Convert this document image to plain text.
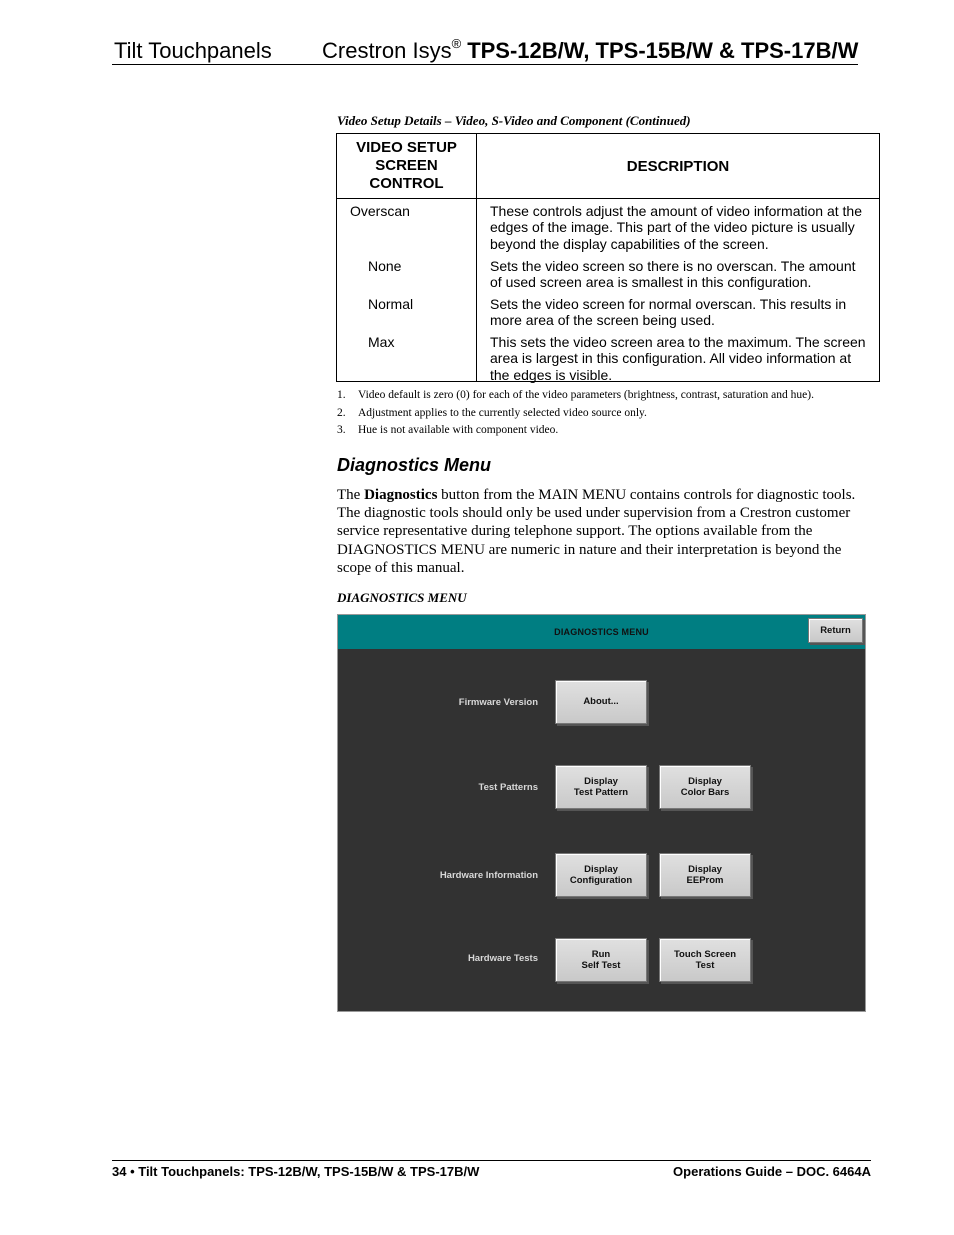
Tilt Touchpanels Crestron Isys® TPS-12B/W, TPS-15B/W & TPS-17B/W
Video Setup Details – Video, S-Video and Component (Continued)
VIDEO SETUP SCREEN CONTROL
DESCRIPTION
Overscan	These controls adjust the amount of video information at the edges of the image. This part of the video picture is usually beyond the display capabilities of the screen.
None	Sets the video screen so there is no overscan. The amount of used screen area is smallest in this configuration.
Normal	Sets the video screen for normal overscan. This results in more area of the screen being used.
Max	This sets the video screen area to the maximum. The screen area is largest in this configuration. All video information at the edges is visible.
1. Video default is zero (0) for each of the video parameters (brightness, contrast, saturation and hue).
2. Adjustment applies to the currently selected video source only.
3. Hue is not available with component video.
Diagnostics Menu
The Diagnostics button from the MAIN MENU contains controls for diagnostic tools. The diagnostic tools should only be used under supervision from a Crestron customer service representative during telephone support. The options available from the DIAGNOSTICS MENU are numeric in nature and their interpretation is beyond the scope of this manual.
DIAGNOSTICS MENU
DIAGNOSTICS MENU	Return
Firmware Version	About...
Test Patterns
Display
Test Pattern
Display
Color Bars
Hardware Information
Display
Configuration
Display
EEProm
Hardware Tests	Run
Self Test
Touch Screen
Test
34 • Tilt Touchpanels: TPS-12B/W, TPS-15B/W & TPS-17B/W	Operations Guide – DOC. 6464A
